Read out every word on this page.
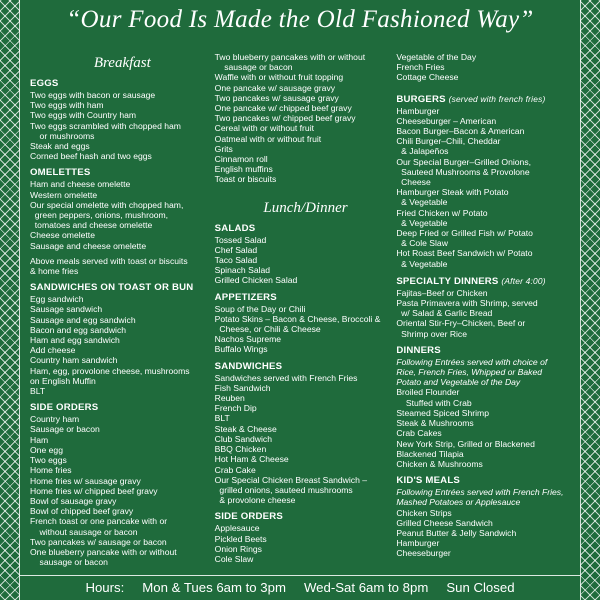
“Our Food Is Made the Old Fashioned Way”
Breakfast
EGGS
Two eggs with bacon or sausage
Two eggs with ham
Two eggs with Country ham
Two eggs scrambled with chopped ham
or mushrooms
Steak and eggs
Corned beef hash and two eggs
OMELETTES
Ham and cheese omelette
Western omelette
Our special omelette with chopped ham,
green peppers, onions, mushroom,
tomatoes and cheese omelette
Cheese omelette
Sausage and cheese omelette
Above meals served with toast or biscuits
& home fries
SANDWICHES ON TOAST OR BUN
Egg sandwich
Sausage sandwich
Sausage and egg sandwich
Bacon and egg sandwich
Ham and egg sandwich
Add cheese
Country ham sandwich
Ham, egg, provolone cheese, mushrooms
on English Muffin
BLT
SIDE ORDERS
Country ham
Sausage or bacon
Ham
One egg
Two eggs
Home fries
Home fries w/ sausage gravy
Home fries w/ chipped beef gravy
Bowl of sausage gravy
Bowl of chipped beef gravy
French toast or one pancake with or
without sausage or bacon
Two pancakes w/ sausage or bacon
One blueberry pancake with or without
sausage or bacon
Two blueberry pancakes with or without
sausage or bacon
Waffle with or without fruit topping
One pancake w/ sausage gravy
Two pancakes w/ sausage gravy
One pancake w/ chipped beef gravy
Two pancakes w/ chipped beef gravy
Cereal with or without fruit
Oatmeal with or without fruit
Grits
Cinnamon roll
English muffins
Toast or biscuits
Lunch/Dinner
SALADS
Tossed Salad
Chef Salad
Taco Salad
Spinach Salad
Grilled Chicken Salad
APPETIZERS
Soup of the Day or Chili
Potato Skins – Bacon & Cheese, Broccoli &
Cheese, or Chili & Cheese
Nachos Supreme
Buffalo Wings
SANDWICHES
Sandwiches served with French Fries
Fish Sandwich
Reuben
French Dip
BLT
Steak & Cheese
Club Sandwich
BBQ Chicken
Hot Ham & Cheese
Crab Cake
Our Special Chicken Breast Sandwich –
grilled onions, sauteed mushrooms
& provolone cheese
SIDE ORDERS
Applesauce
Pickled Beets
Onion Rings
Cole Slaw
Vegetable of the Day
French Fries
Cottage Cheese
BURGERS (served with french fries)
Hamburger
Cheeseburger – American
Bacon Burger–Bacon & American
Chili Burger–Chili, Cheddar
& Jalapeños
Our Special Burger–Grilled Onions,
Sauteed Mushrooms & Provolone
Cheese
Hamburger Steak with Potato
& Vegetable
Fried Chicken w/ Potato
& Vegetable
Deep Fried or Grilled Fish w/ Potato
& Cole Slaw
Hot Roast Beef Sandwich w/ Potato
& Vegetable
SPECIALTY DINNERS (After 4:00)
Fajitas–Beef or Chicken
Pasta Primavera with Shrimp, served
w/ Salad & Garlic Bread
Oriental Stir-Fry–Chicken, Beef or
Shrimp over Rice
DINNERS
Following Entrées served with choice of
Rice, French Fries, Whipped or Baked
Potato and Vegetable of the Day
Broiled Flounder
Stuffed with Crab
Steamed Spiced Shrimp
Steak & Mushrooms
Crab Cakes
New York Strip, Grilled or Blackened
Blackened Tilapia
Chicken & Mushrooms
KID'S MEALS
Following Entrées served with French Fries,
Mashed Potatoes or Applesauce
Chicken Strips
Grilled Cheese Sandwich
Peanut Butter & Jelly Sandwich
Hamburger
Cheeseburger
Hours: Mon & Tues 6am to 3pm Wed-Sat 6am to 8pm Sun Closed
